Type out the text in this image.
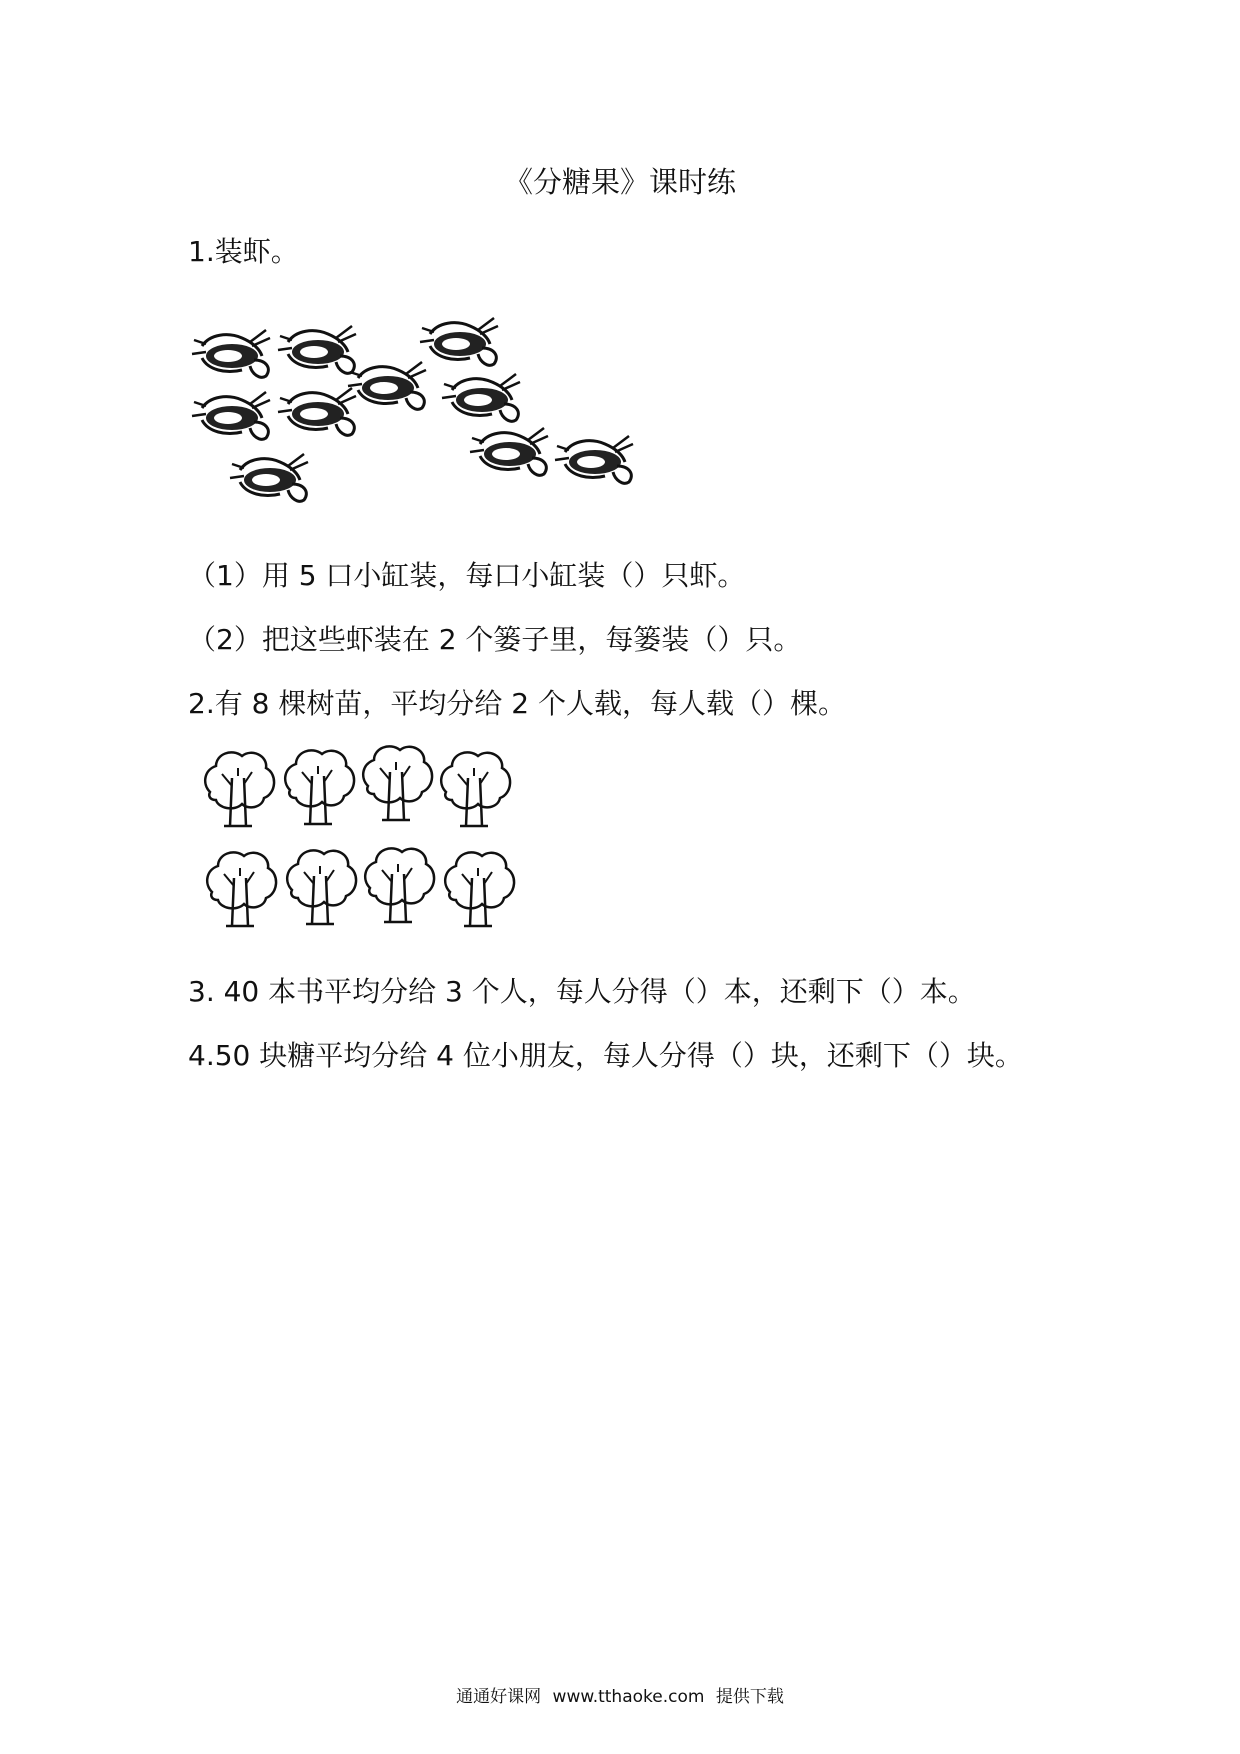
《分糖果》课时练
1.装虾。
（1）用 5 口小缸装，每口小缸装（）只虾。
（2）把这些虾装在 2 个篓子里，每篓装（）只。
2.有 8 棵树苗，平均分给 2 个人载，每人载（）棵。
3. 40 本书平均分给 3 个人，每人分得（）本，还剩下（）本。
4.50 块糖平均分给 4 位小朋友，每人分得（）块，还剩下（）块。
通通好课网 www.tthaoke.com 提供下载
